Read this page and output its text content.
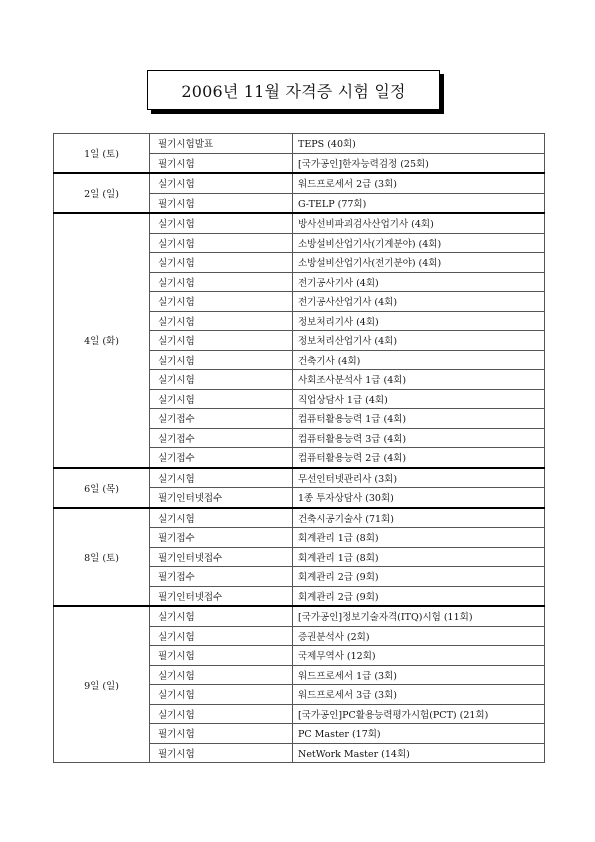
2006년 11월 자격증 시험 일정
1일 (토)	필기시험발표	TEPS (40회)
	필기시험	[국가공인]한자능력검정 (25회)
2일 (일)	실기시험	워드프로세서 2급 (3회)
	필기시험	G-TELP (77회)
4일 (화)	실기시험	방사선비파괴검사산업기사 (4회)
	실기시험	소방설비산업기사(기계분야) (4회)
	실기시험	소방설비산업기사(전기분야) (4회)
	실기시험	전기공사기사 (4회)
	실기시험	전기공사산업기사 (4회)
	실기시험	정보처리기사 (4회)
	실기시험	정보처리산업기사 (4회)
	실기시험	건축기사 (4회)
	실기시험	사회조사분석사 1급 (4회)
	실기시험	직업상담사 1급 (4회)
	실기접수	컴퓨터활용능력 1급 (4회)
	실기접수	컴퓨터활용능력 3급 (4회)
	실기접수	컴퓨터활용능력 2급 (4회)
6일 (목)	실기시험	무선인터넷관리사 (3회)
	필기인터넷접수	1종 투자상담사 (30회)
8일 (토)	실기시험	건축시공기술사 (71회)
	필기접수	회계관리 1급 (8회)
	필기인터넷접수	회계관리 1급 (8회)
	필기접수	회계관리 2급 (9회)
	필기인터넷접수	회계관리 2급 (9회)
9일 (일)	실기시험	[국가공인]정보기술자격(ITQ)시험 (11회)
	실기시험	증권분석사 (2회)
	필기시험	국제무역사 (12회)
	실기시험	워드프로세서 1급 (3회)
	실기시험	워드프로세서 3급 (3회)
	실기시험	[국가공인]PC활용능력평가시험(PCT) (21회)
	필기시험	PC Master (17회)
	필기시험	NetWork Master (14회)
